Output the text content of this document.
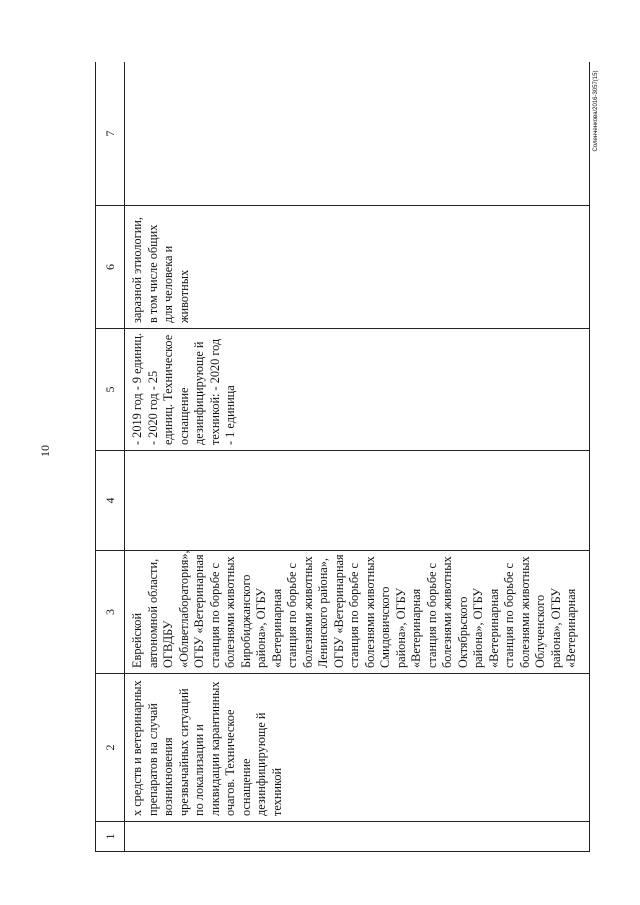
10
Соленченкова/2016-3057(15)
1	2	3	4	5	6	7

	х средств и ветеринарных препаратов на случай возникновения чрезвычайных ситуаций по локализации и ликвидации карантинных очагов. Техническое оснащение дезинфицирующе й техникой	Еврейской автономной области, ОГВДБУ «Облветлаборатория», ОГБУ «Ветеринарная станция по борьбе с болезнями животных Биробиджанского района», ОГБУ «Ветеринарная станция по борьбе с болезнями животных Ленинского района», ОГБУ «Ветеринарная станция по борьбе с болезнями животных Смидовичского района», ОГБУ «Ветеринарная станция по борьбе с болезнями животных Октябрьского района», ОГБУ «Ветеринарная станция по борьбе с болезнями животных Облученского района», ОГБУ «Ветеринарная		- 2019 год - 9 единиц. - 2020 год - 25 единиц. Техническое оснащение дезинфицирующе й техникой: - 2020 год - 1 единица	заразной этиологии, в том числе общих для человека и животных	
